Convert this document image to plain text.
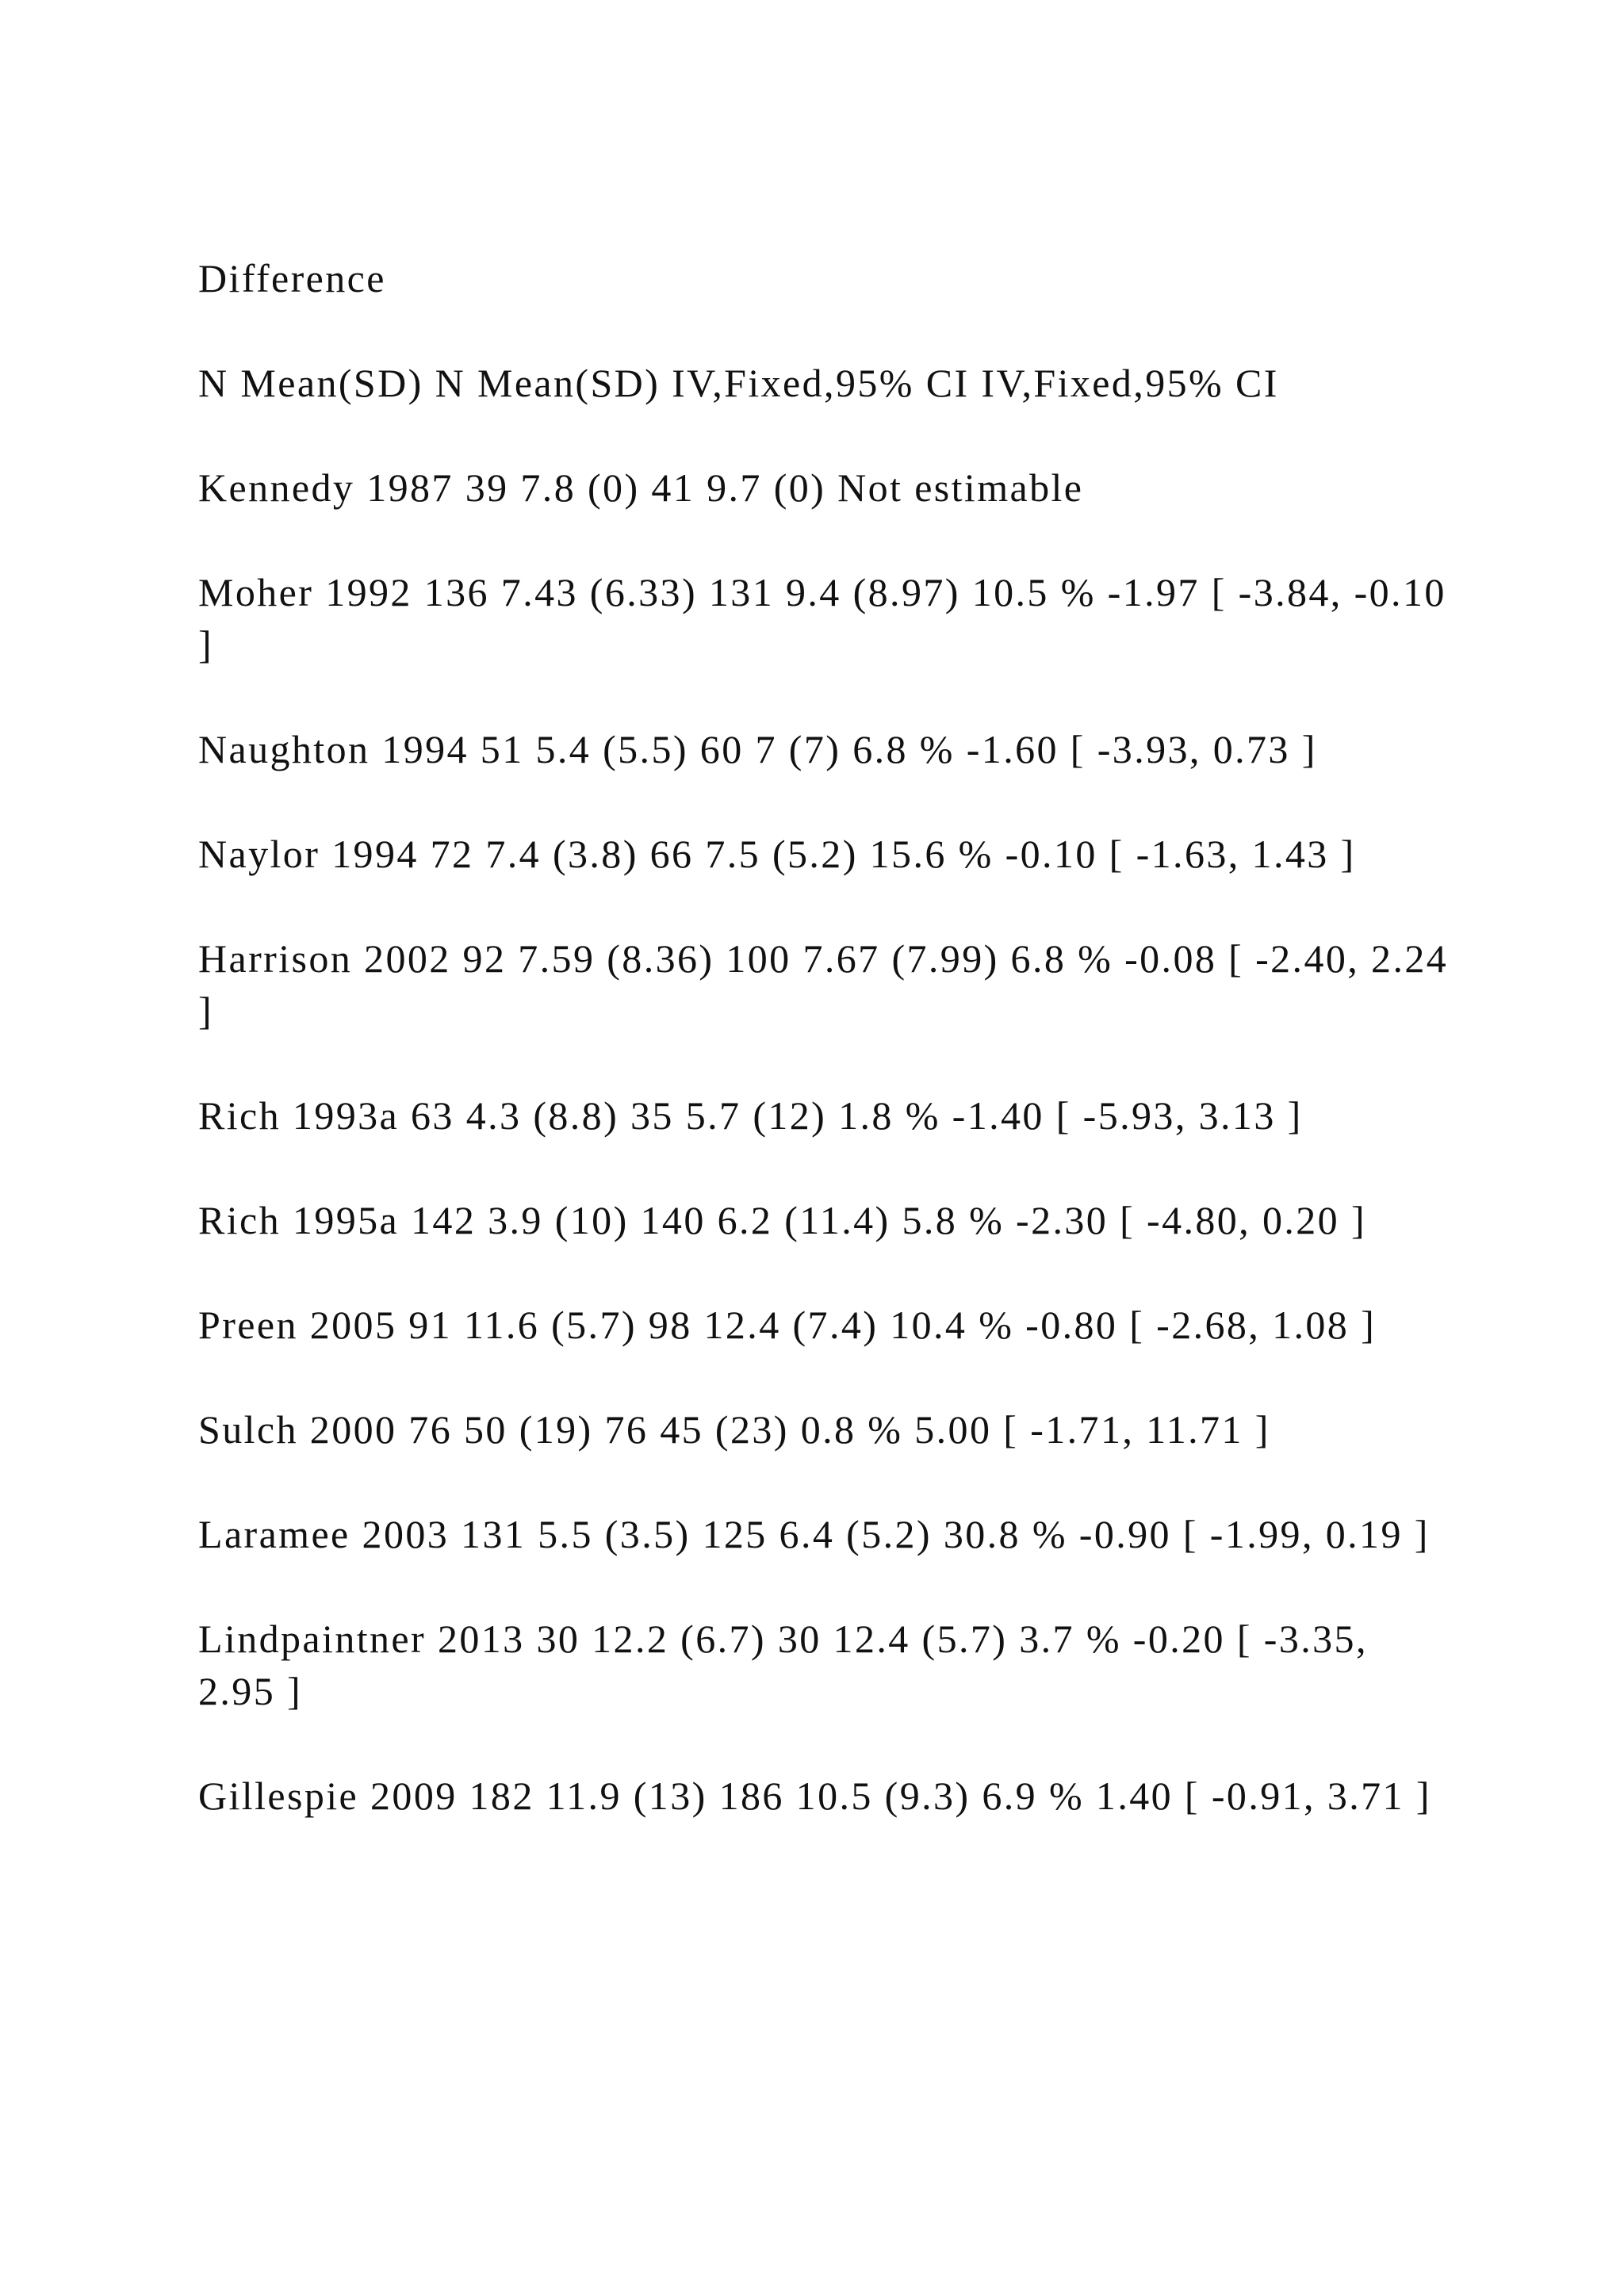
Difference

N Mean(SD) N Mean(SD) IV,Fixed,95% CI IV,Fixed,95% CI

Kennedy 1987 39 7.8 (0) 41 9.7 (0) Not estimable

Moher 1992 136 7.43 (6.33) 131 9.4 (8.97) 10.5 % -1.97 [ -3.84, -0.10 ]

Naughton 1994 51 5.4 (5.5) 60 7 (7) 6.8 % -1.60 [ -3.93, 0.73 ]

Naylor 1994 72 7.4 (3.8) 66 7.5 (5.2) 15.6 % -0.10 [ -1.63, 1.43 ]

Harrison 2002 92 7.59 (8.36) 100 7.67 (7.99) 6.8 % -0.08 [ -2.40, 2.24 ]

Rich 1993a 63 4.3 (8.8) 35 5.7 (12) 1.8 % -1.40 [ -5.93, 3.13 ]

Rich 1995a 142 3.9 (10) 140 6.2 (11.4) 5.8 % -2.30 [ -4.80, 0.20 ]

Preen 2005 91 11.6 (5.7) 98 12.4 (7.4) 10.4 % -0.80 [ -2.68, 1.08 ]

Sulch 2000 76 50 (19) 76 45 (23) 0.8 % 5.00 [ -1.71, 11.71 ]

Laramee 2003 131 5.5 (3.5) 125 6.4 (5.2) 30.8 % -0.90 [ -1.99, 0.19 ]

Lindpaintner 2013 30 12.2 (6.7) 30 12.4 (5.7) 3.7 % -0.20 [ -3.35, 2.95 ]

Gillespie 2009 182 11.9 (13) 186 10.5 (9.3) 6.9 % 1.40 [ -0.91, 3.71 ]
